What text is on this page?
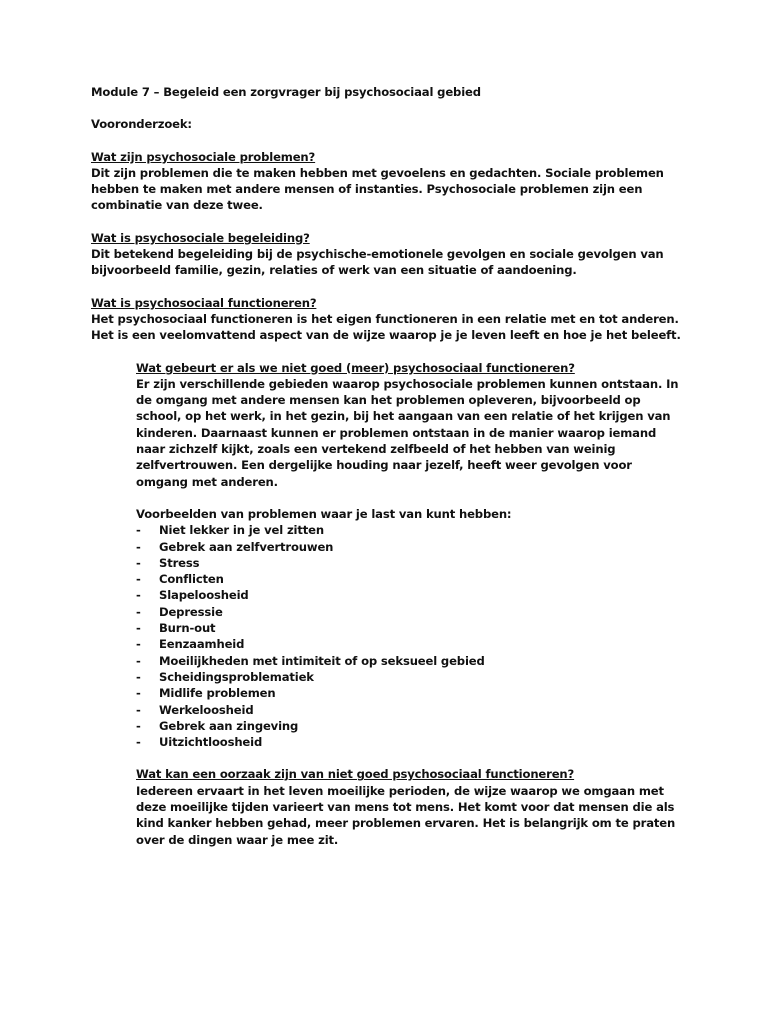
Module 7 – Begeleid een zorgvrager bij psychosociaal gebied

Vooronderzoek:

Wat zijn psychosociale problemen?

Dit zijn problemen die te maken hebben met gevoelens en gedachten. Sociale problemen hebben te maken met andere mensen of instanties. Psychosociale problemen zijn een combinatie van deze twee.

Wat is psychosociale begeleiding?

Dit betekend begeleiding bij de psychische-emotionele gevolgen en sociale gevolgen van bijvoorbeeld familie, gezin, relaties of werk van een situatie of aandoening.

Wat is psychosociaal functioneren?

Het psychosociaal functioneren is het eigen functioneren in een relatie met en tot anderen. Het is een veelomvattend aspect van de wijze waarop je je leven leeft en hoe je het beleeft.

Wat gebeurt er als we niet goed (meer) psychosociaal functioneren?

Er zijn verschillende gebieden waarop psychosociale problemen kunnen ontstaan. In de omgang met andere mensen kan het problemen opleveren, bijvoorbeeld op school, op het werk, in het gezin, bij het aangaan van een relatie of het krijgen van kinderen. Daarnaast kunnen er problemen ontstaan in de manier waarop iemand naar zichzelf kijkt, zoals een vertekend zelfbeeld of het hebben van weinig zelfvertrouwen. Een dergelijke houding naar jezelf, heeft weer gevolgen voor omgang met anderen.

Voorbeelden van problemen waar je last van kunt hebben:

- Niet lekker in je vel zitten
- Gebrek aan zelfvertrouwen
- Stress
- Conflicten
- Slapeloosheid
- Depressie
- Burn-out
- Eenzaamheid
- Moeilijkheden met intimiteit of op seksueel gebied
- Scheidingsproblematiek
- Midlife problemen
- Werkeloosheid
- Gebrek aan zingeving
- Uitzichtloosheid

Wat kan een oorzaak zijn van niet goed psychosociaal functioneren?

Iedereen ervaart in het leven moeilijke perioden, de wijze waarop we omgaan met deze moeilijke tijden varieert van mens tot mens. Het komt voor dat mensen die als kind kanker hebben gehad, meer problemen ervaren. Het is belangrijk om te praten over de dingen waar je mee zit.
